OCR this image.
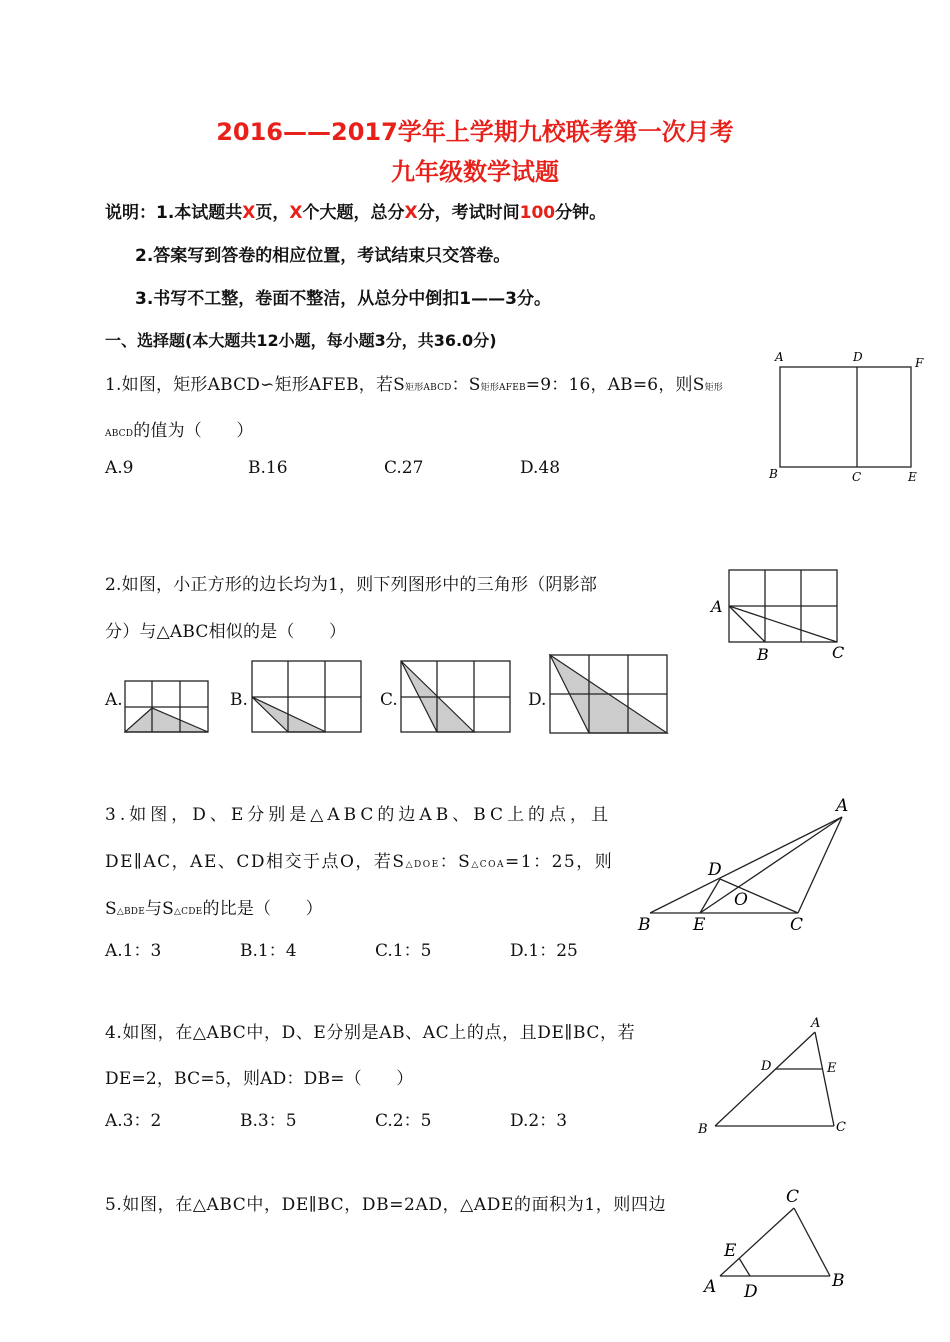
2016——2017学年上学期九校联考第一次月考
九年级数学试题
说明：1.本试题共X页，X个大题，总分X分，考试时间100分钟。
2.答案写到答卷的相应位置，考试结束只交答卷。
3.书写不工整，卷面不整洁，从总分中倒扣1——3分。
一、选择题(本大题共12小题，每小题3分，共36.0分)
1.如图，矩形ABCD∽矩形AFEB，若S矩形ABCD：S矩形AFEB=9：16，AB=6，则S矩形
ABCD的值为（　　）
A.9	B.16	C.27	D.48
A	D	F
B	C	E
2.如图，小正方形的边长均为1，则下列图形中的三角形（阴影部
分）与△ABC相似的是（　　）
A
B	C
A.	B.	C.	D.
3.如图，D、E分别是△ABC的边AB、BC上的点，且
DE∥AC，AE、CD相交于点O，若S△DOE：S△COA=1：25，则
S△BDE与S△CDE的比是（　　）
A.1：3	B.1：4	C.1：5	D.1：25
A
D
O
B	E	C
4.如图，在△ABC中，D、E分别是AB、AC上的点，且DE∥BC，若
DE=2，BC=5，则AD：DB=（　　）
A.3：2	B.3：5	C.2：5	D.2：3
A
D	E
B	C
5.如图，在△ABC中，DE∥BC，DB=2AD，△ADE的面积为1，则四边	C
E
A D
B
